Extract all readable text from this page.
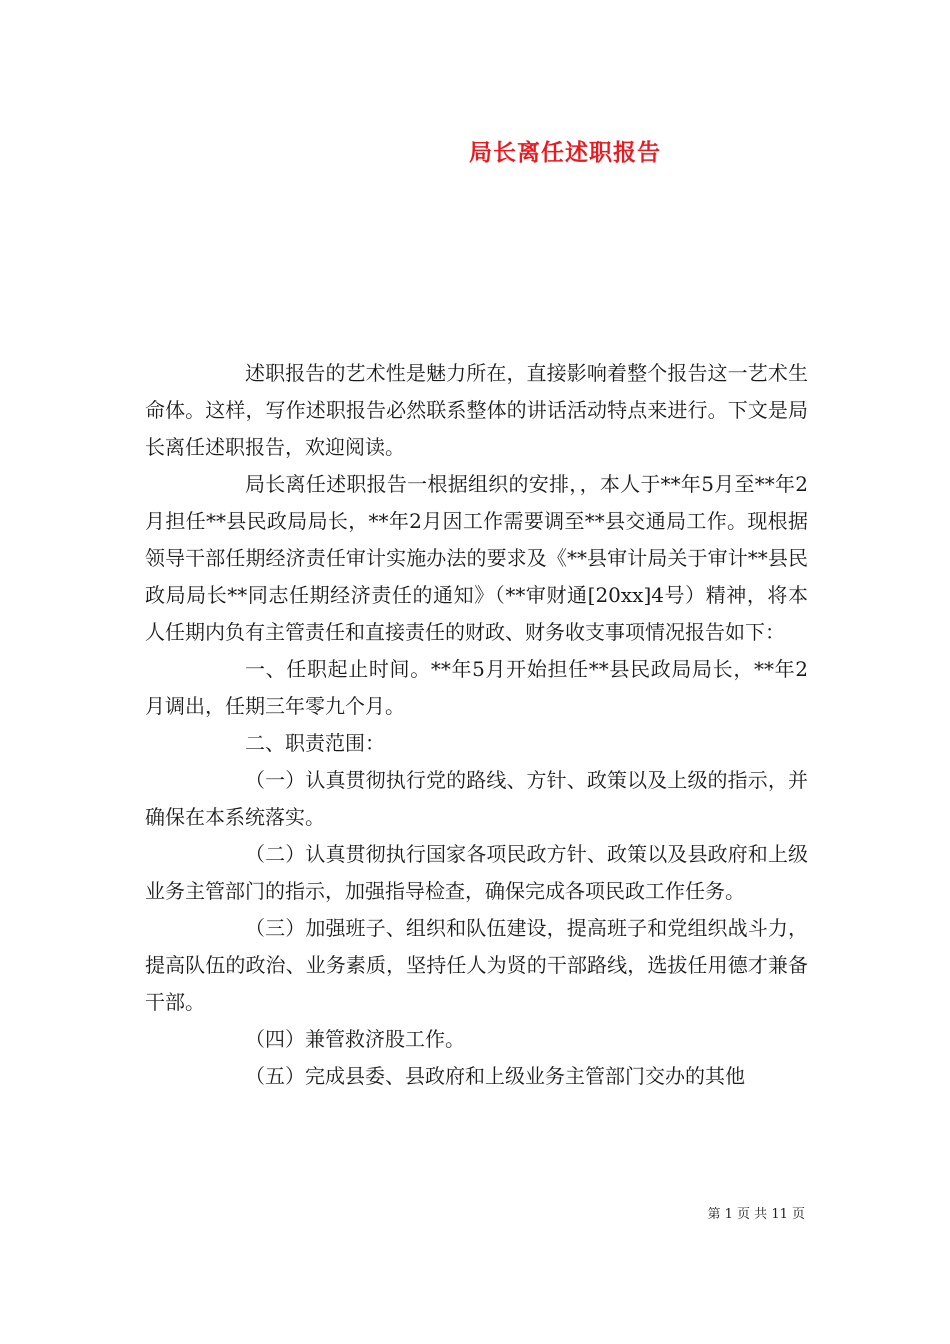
局长离任述职报告

述职报告的艺术性是魅力所在，直接影响着整个报告这一艺术生命体。这样，写作述职报告必然联系整体的讲话活动特点来进行。下文是局长离任述职报告，欢迎阅读。

局长离任述职报告一根据组织的安排，，本人于**年5月至**年2月担任**县民政局局长，**年2月因工作需要调至**县交通局工作。现根据领导干部任期经济责任审计实施办法的要求及《**县审计局关于审计**县民政局局长**同志任期经济责任的通知》（**审财通[20xx]4号）精神，将本人任期内负有主管责任和直接责任的财政、财务收支事项情况报告如下：

一、任职起止时间。**年5月开始担任**县民政局局长，**年2月调出，任期三年零九个月。

二、职责范围：

（一）认真贯彻执行党的路线、方针、政策以及上级的指示，并确保在本系统落实。

（二）认真贯彻执行国家各项民政方针、政策以及县政府和上级业务主管部门的指示，加强指导检查，确保完成各项民政工作任务。

（三）加强班子、组织和队伍建设，提高班子和党组织战斗力，提高队伍的政治、业务素质，坚持任人为贤的干部路线，选拔任用德才兼备干部。

（四）兼管救济股工作。

（五）完成县委、县政府和上级业务主管部门交办的其他

第 1 页 共 11 页
